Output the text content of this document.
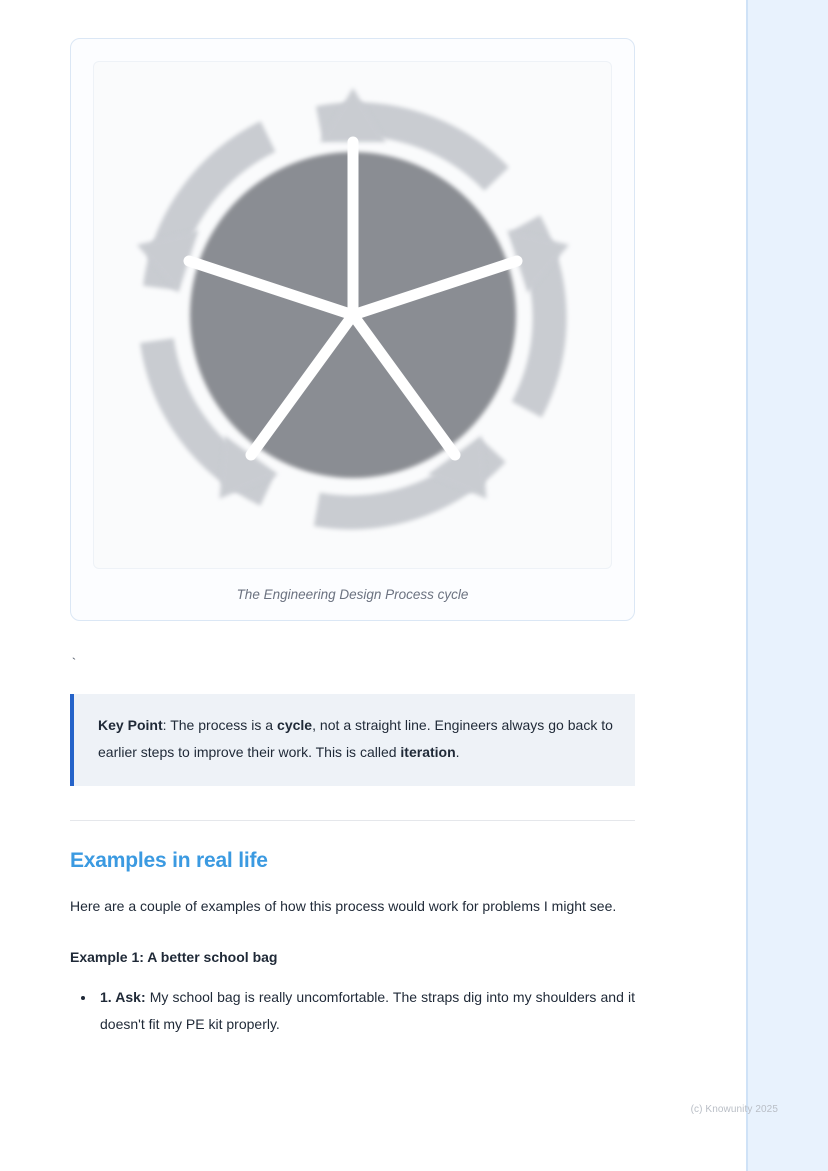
(c) Knowunity 2025
The Engineering Design Process cycle
`

Key Point: The process is a cycle, not a straight line. Engineers always go back to earlier steps to improve their work. This is called iteration.

Examples in real life

Here are a couple of examples of how this process would work for problems I might see.

Example 1: A better school bag

• 1. Ask: My school bag is really uncomfortable. The straps dig into my shoulders and it doesn't fit my PE kit properly.
